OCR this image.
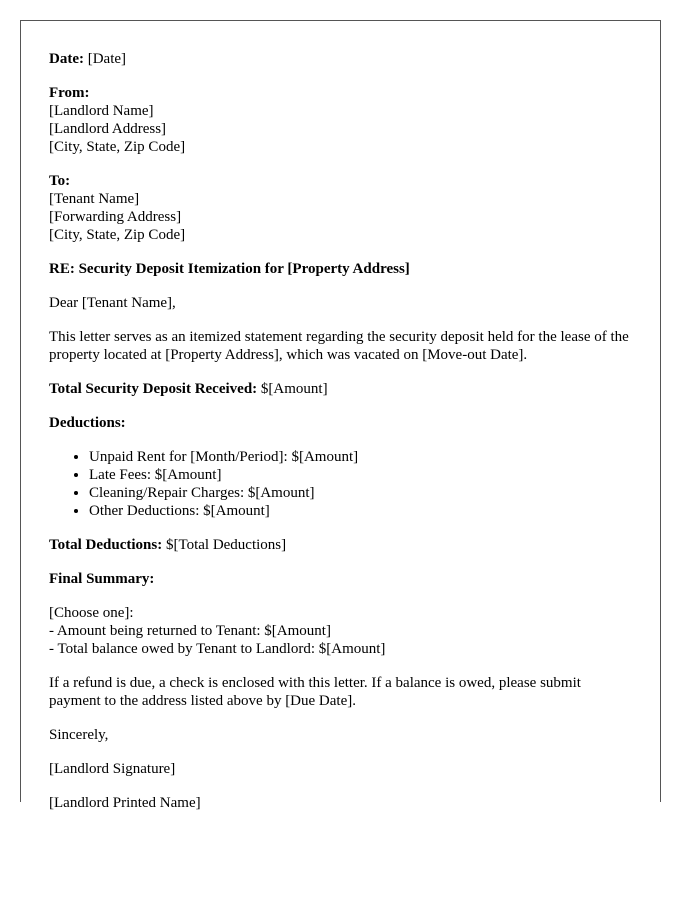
Date: [Date]

From:
[Landlord Name]
[Landlord Address]
[City, State, Zip Code]
To:
[Tenant Name]
[Forwarding Address]
[City, State, Zip Code]

RE: Security Deposit Itemization for [Property Address]

Dear [Tenant Name],

This letter serves as an itemized statement regarding the security deposit held for the lease of the property located at [Property Address], which was vacated on [Move-out Date].

Total Security Deposit Received: $[Amount]

Deductions:

• Unpaid Rent for [Month/Period]: $[Amount]
• Late Fees: $[Amount]
• Cleaning/Repair Charges: $[Amount]
• Other Deductions: $[Amount]

Total Deductions: $[Total Deductions]

Final Summary:

[Choose one]:
- Amount being returned to Tenant: $[Amount]
- Total balance owed by Tenant to Landlord: $[Amount]

If a refund is due, a check is enclosed with this letter. If a balance is owed, please submit payment to the address listed above by [Due Date].

Sincerely,

[Landlord Signature]

[Landlord Printed Name]
